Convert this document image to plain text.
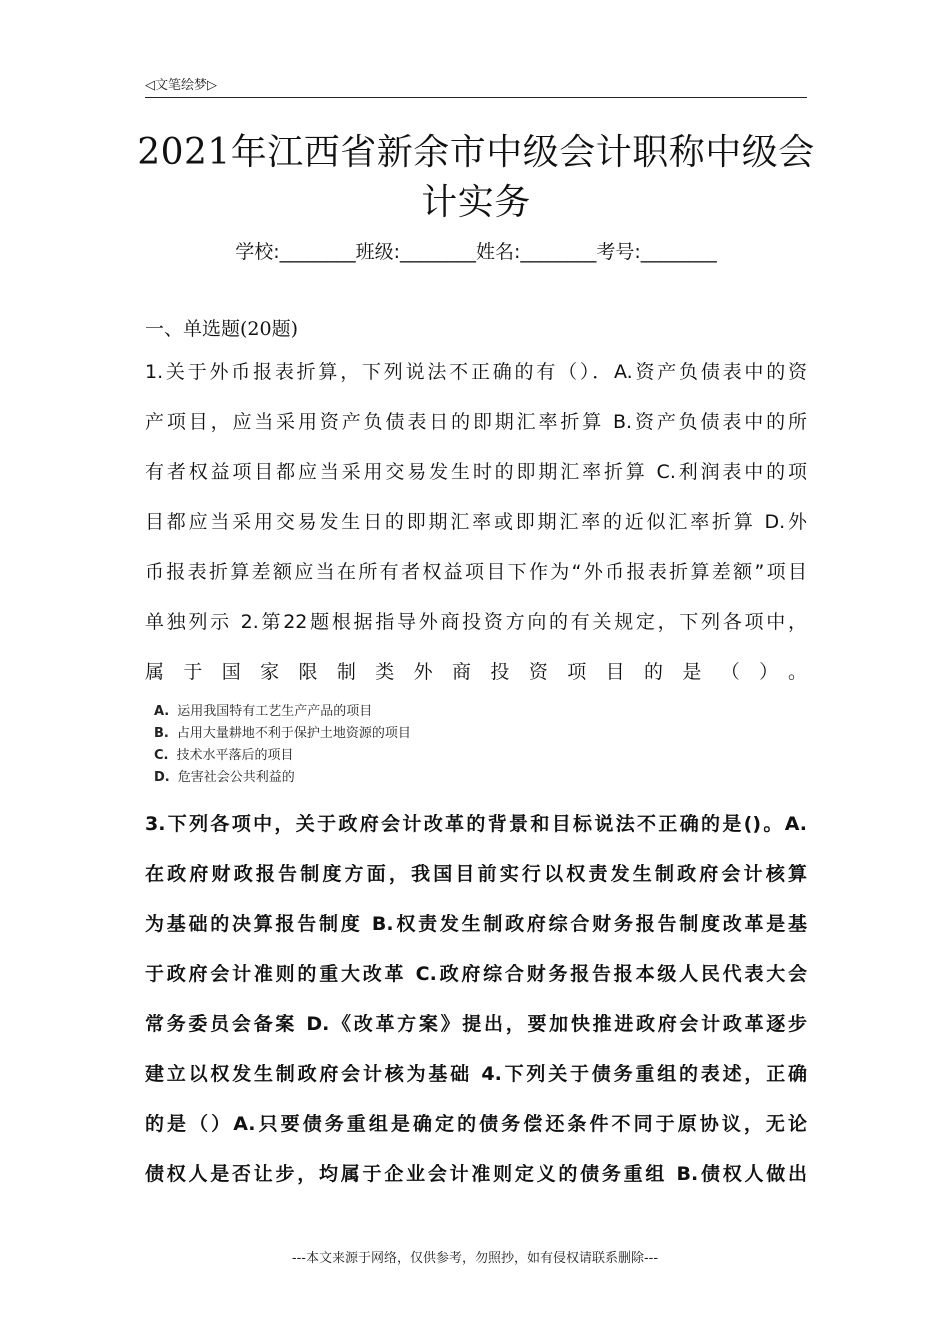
◁文笔绘梦▷
2021年江西省新余市中级会计职称中级会
计实务
学校:________班级:________姓名:________考号:________
一、单选题(20题)
1.关于外币报表折算，下列说法不正确的有（）．A.资产负债表中的资
产项目，应当采用资产负债表日的即期汇率折算 B.资产负债表中的所
有者权益项目都应当采用交易发生时的即期汇率折算 C.利润表中的项
目都应当采用交易发生日的即期汇率或即期汇率的近似汇率折算 D.外
币报表折算差额应当在所有者权益项目下作为“外币报表折算差额”项目
单独列示 2.第22题根据指导外商投资方向的有关规定，下列各项中，
属于国家限制类外商投资项目的是（）。
A. 运用我国特有工艺生产产品的项目
B. 占用大量耕地不利于保护土地资源的项目
C. 技术水平落后的项目
D. 危害社会公共利益的
3.下列各项中，关于政府会计改革的背景和目标说法不正确的是()。A.
在政府财政报告制度方面，我国目前实行以权责发生制政府会计核算
为基础的决算报告制度 B.权责发生制政府综合财务报告制度改革是基
于政府会计准则的重大改革 C.政府综合财务报告报本级人民代表大会
常务委员会备案 D.《改革方案》提出，要加快推进政府会计政革逐步
建立以权发生制政府会计核为基础 4.下列关于债务重组的表述，正确
的是（）A.只要债务重组是确定的债务偿还条件不同于原协议，无论
债权人是否让步，均属于企业会计准则定义的债务重组 B.债权人做出
---本文来源于网络，仅供参考，勿照抄，如有侵权请联系删除---
